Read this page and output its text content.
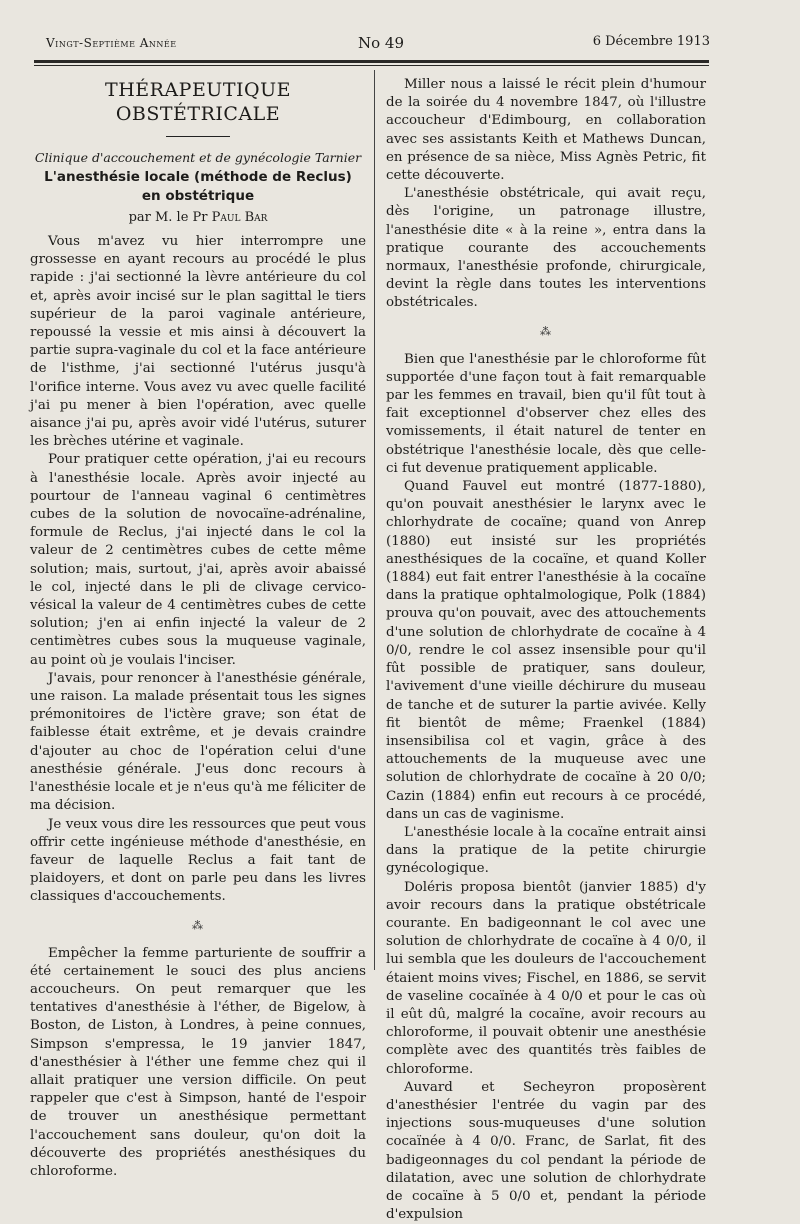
Vingt-Septième Année	No 49	6 Décembre 1913
THÉRAPEUTIQUE OBSTÉTRICALE
Clinique d'accouchement et de gynécologie Tarnier
L'anesthésie locale (méthode de Reclus)
en obstétrique
par M. le Pr Paul Bar

Vous m'avez vu hier interrompre une grossesse en ayant recours au procédé le plus rapide : j'ai sectionné la lèvre antérieure du col et, après avoir incisé sur le plan sagittal le tiers supérieur de la paroi vaginale antérieure, repoussé la vessie et mis ainsi à découvert la partie supra-vaginale du col et la face antérieure de l'isthme, j'ai sectionné l'utérus jusqu'à l'orifice interne. Vous avez vu avec quelle facilité j'ai pu mener à bien l'opération, avec quelle aisance j'ai pu, après avoir vidé l'utérus, suturer les brèches utérine et vaginale.

Pour pratiquer cette opération, j'ai eu recours à l'anesthésie locale. Après avoir injecté au pourtour de l'anneau vaginal 6 centimètres cubes de la solution de novocaïne-adrénaline, formule de Reclus, j'ai injecté dans le col la valeur de 2 centimètres cubes de cette même solution; mais, surtout, j'ai, après avoir abaissé le col, injecté dans le pli de clivage cervico-vésical la valeur de 4 centimètres cubes de cette solution; j'en ai enfin injecté la valeur de 2 centimètres cubes sous la muqueuse vaginale, au point où je voulais l'inciser.

J'avais, pour renoncer à l'anesthésie générale, une raison. La malade présentait tous les signes prémonitoires de l'ictère grave; son état de faiblesse était extrême, et je devais craindre d'ajouter au choc de l'opération celui d'une anesthésie générale. J'eus donc recours à l'anesthésie locale et je n'eus qu'à me féliciter de ma décision.

Je veux vous dire les ressources que peut vous offrir cette ingénieuse méthode d'anesthésie, en faveur de laquelle Reclus a fait tant de plaidoyers, et dont on parle peu dans les livres classiques d'accouchements.

⁂

Empêcher la femme parturiente de souffrir a été certainement le souci des plus anciens accoucheurs. On peut remarquer que les tentatives d'anesthésie à l'éther, de Bigelow, à Boston, de Liston, à Londres, à peine connues, Simpson s'empressa, le 19 janvier 1847, d'anesthésier à l'éther une femme chez qui il allait pratiquer une version difficile. On peut rappeler que c'est à Simpson, hanté de l'espoir de trouver un anesthésique permettant l'accouchement sans douleur, qu'on doit la découverte des propriétés anesthésiques du chloroforme.

Miller nous a laissé le récit plein d'humour de la soirée du 4 novembre 1847, où l'illustre accoucheur d'Edimbourg, en collaboration avec ses assistants Keith et Mathews Duncan, en présence de sa nièce, Miss Agnès Petric, fit cette découverte.

L'anesthésie obstétricale, qui avait reçu, dès l'origine, un patronage illustre, l'anesthésie dite « à la reine », entra dans la pratique courante des accouchements normaux, l'anesthésie profonde, chirurgicale, devint la règle dans toutes les interventions obstétricales.

⁂

Bien que l'anesthésie par le chloroforme fût supportée d'une façon tout à fait remarquable par les femmes en travail, bien qu'il fût tout à fait exceptionnel d'observer chez elles des vomissements, il était naturel de tenter en obstétrique l'anesthésie locale, dès que celle-ci fut devenue pratiquement applicable.

Quand Fauvel eut montré (1877-1880), qu'on pouvait anesthésier le larynx avec le chlorhydrate de cocaïne; quand von Anrep (1880) eut insisté sur les propriétés anesthésiques de la cocaïne, et quand Koller (1884) eut fait entrer l'anesthésie à la cocaïne dans la pratique ophtalmologique, Polk (1884) prouva qu'on pouvait, avec des attouchements d'une solution de chlorhydrate de cocaïne à 4 0/0, rendre le col assez insensible pour qu'il fût possible de pratiquer, sans douleur, l'avivement d'une vieille déchirure du museau de tanche et de suturer la partie avivée. Kelly fit bientôt de même; Fraenkel (1884) insensibilisa col et vagin, grâce à des attouchements de la muqueuse avec une solution de chlorhydrate de cocaïne à 20 0/0; Cazin (1884) enfin eut recours à ce procédé, dans un cas de vaginisme.

L'anesthésie locale à la cocaïne entrait ainsi dans la pratique de la petite chirurgie gynécologique.

Doléris proposa bientôt (janvier 1885) d'y avoir recours dans la pratique obstétricale courante. En badigeonnant le col avec une solution de chlorhydrate de cocaïne à 4 0/0, il lui sembla que les douleurs de l'accouchement étaient moins vives; Fischel, en 1886, se servit de vaseline cocaïnée à 4 0/0 et pour le cas où il eût dû, malgré la cocaïne, avoir recours au chloroforme, il pouvait obtenir une anesthésie complète avec des quantités très faibles de chloroforme.

Auvard et Secheyron proposèrent d'anesthésier l'entrée du vagin par des injections sous-muqueuses d'une solution cocaïnée à 4 0/0. Franc, de Sarlat, fit des badigeonnages du col pendant la période de dilatation, avec une solution de chlorhydrate de cocaïne à 5 0/0 et, pendant la période d'expulsion
